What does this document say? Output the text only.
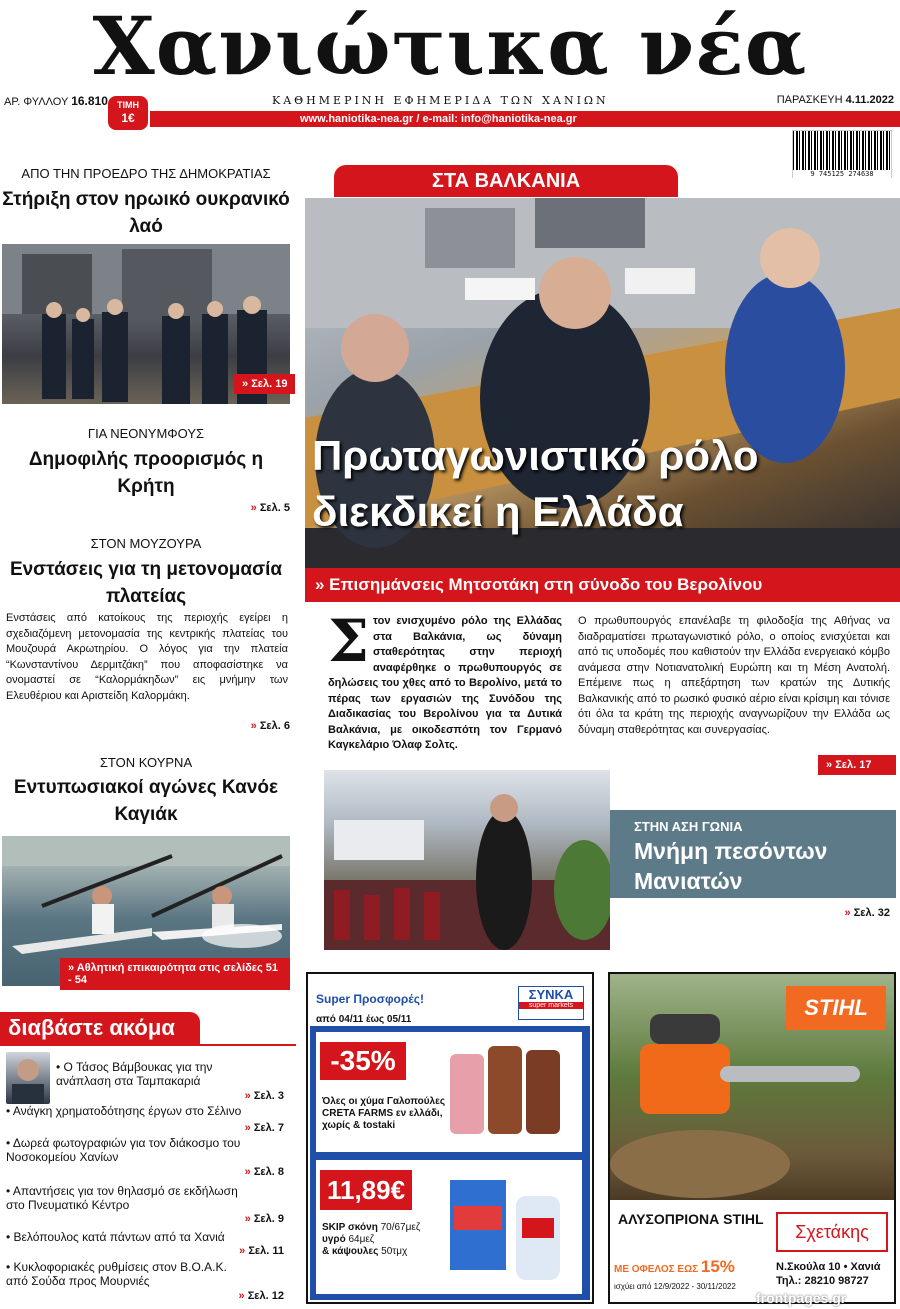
Χανιώτικα νέα
ΑΡ. ΦΥΛΛΟΥ 16.810	ΚΑΘΗΜΕΡΙΝΗ ΕΦΗΜΕΡΙΔΑ ΤΩΝ ΧΑΝΙΩΝ	ΠΑΡΑΣΚΕΥΗ 4.11.2022
www.haniotika-nea.gr / e-mail: info@haniotika-nea.gr
ΤΙΜΗ
1€
9 745125 274638
ΑΠΟ ΤΗΝ ΠΡΟΕΔΡΟ ΤΗΣ ΔΗΜΟΚΡΑΤΙΑΣ
Στήριξη στον ηρωικό ουκρανικό λαό
» Σελ. 19
ΓΙΑ ΝΕΟΝΥΜΦΟΥΣ
Δημοφιλής προορισμός η Κρήτη
» Σελ. 5
ΣΤΟΝ ΜΟΥΖΟΥΡΑ
Ενστάσεις για τη μετονομασία πλατείας
Ενστάσεις από κατοίκους της περιοχής εγείρει η σχεδιαζόμενη μετονομασία της κεντρικής πλατείας του Μουζουρά Ακρωτηρίου. Ο λόγος για την πλατεία “Κωνσταντίνου Δερμιτζάκη” που αποφασίστηκε να ονομαστεί σε “Καλορμάκηδων” εις μνήμην των Ελευθέριου και Αριστείδη Καλορμάκη.
» Σελ. 6
ΣΤΟΝ ΚΟΥΡΝΑ
Εντυπωσιακοί αγώνες Κανόε Καγιάκ
» Αθλητική επικαιρότητα στις σελίδες 51 - 54
διαβάστε ακόμα
• Ο Τάσος Βάμβουκας για την ανάπλαση στα Ταμπακαριά
» Σελ. 3
• Ανάγκη χρηματοδότησης έργων στο Σέλινο
» Σελ. 7
• Δωρεά φωτογραφιών για τον διάκοσμο του Νοσοκομείου Χανίων
» Σελ. 8
• Απαντήσεις για τον θηλασμό σε εκδήλωση στο Πνευματικό Κέντρο
» Σελ. 9
• Βελόπουλος κατά πάντων από τα Χανιά
» Σελ. 11
• Κυκλοφοριακές ρυθμίσεις στον Β.Ο.Α.Κ. από Σούδα προς Μουρνιές
» Σελ. 12
ΣΤΑ ΒΑΛΚΑΝΙΑ
Πρωταγωνιστικό ρόλο διεκδικεί η Ελλάδα
» Επισημάνσεις Μητσοτάκη στη σύνοδο του Βερολίνου
Στον ενισχυμένο ρόλο της Ελλάδας στα Βαλκάνια, ως δύναμη σταθερότητας στην περιοχή αναφέρθηκε ο πρωθυπουργός σε δηλώσεις του χθες από το Βερολίνο, μετά το πέρας των εργασιών της Συνόδου της Διαδικασίας του Βερολίνου για τα Δυτικά Βαλκάνια, με οικοδεσπότη τον Γερμανό Καγκελάριο Όλαφ Σολτς.
Ο πρωθυπουργός επανέλαβε τη φιλοδοξία της Αθήνας να διαδραματίσει πρωταγωνιστικό ρόλο, ο οποίος ενισχύεται και από τις υποδομές που καθιστούν την Ελλάδα ενεργειακό κόμβο ανάμεσα στην Νοτιανατολική Ευρώπη και τη Μέση Ανατολή. Επέμεινε πως η απεξάρτηση των κρατών της Δυτικής Βαλκανικής από το ρωσικό φυσικό αέριο είναι κρίσιμη και τόνισε ότι όλα τα κράτη της περιοχής αναγνωρίζουν την Ελλάδα ως δύναμη σταθερότητας και συνεργασίας.
» Σελ. 17
ΣΤΗΝ ΑΣΗ ΓΩΝΙΑ
Μνήμη πεσόντων Μανιατών
» Σελ. 32
Super Προσφορές!
από 04/11 έως 05/11
ΣΥΝΚΑ
super markets
-35%
Όλες οι χύμα Γαλοπούλες CRETA FARMS εν ελλάδι, χωρίς & tostaki
11,89€
SKIP σκόνη 70/67μεζ
υγρό 64μεζ
& κάψουλες 50τμχ
STIHL
ΑΛΥΣΟΠΡΙΟΝΑ STIHL
ΜΕ ΟΦΕΛΟΣ ΕΩΣ 15%
ισχύει από 12/9/2022 - 30/11/2022
Σχετάκης
Ν.Σκούλα 10 • Χανιά
Τηλ.: 28210 98727
frontpages.gr
